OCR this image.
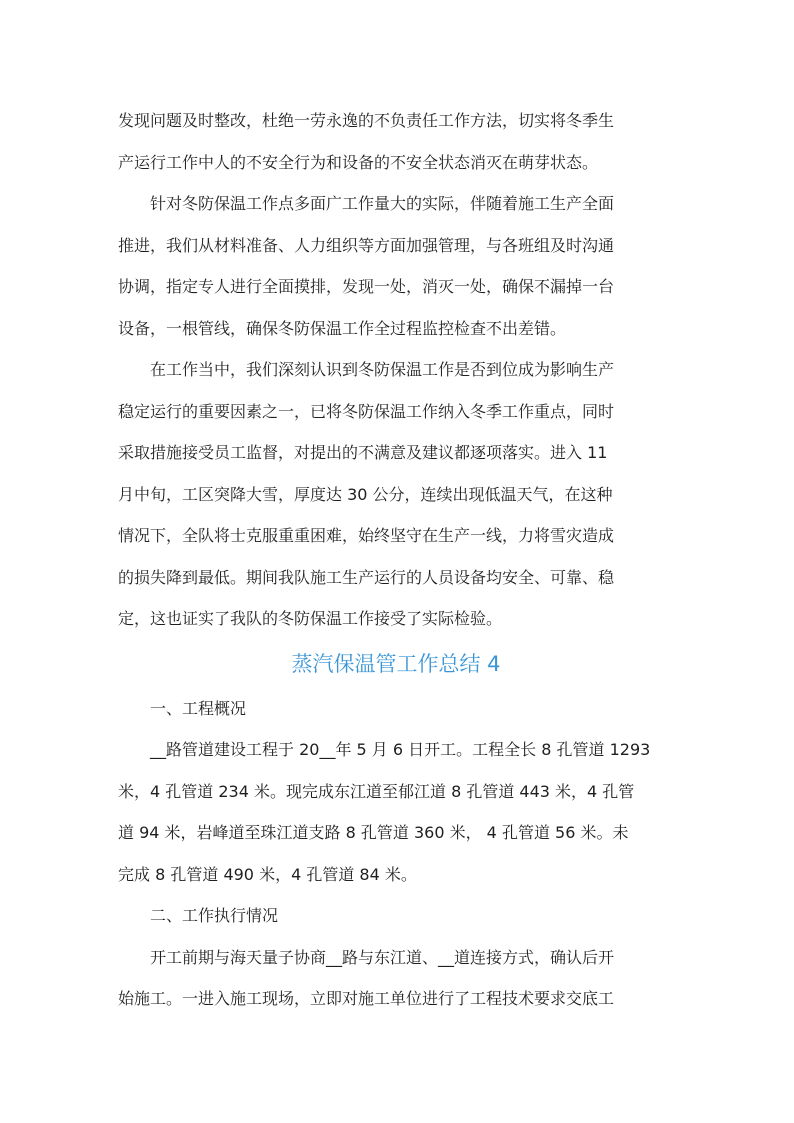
发现问题及时整改，杜绝一劳永逸的不负责任工作方法，切实将冬季生
产运行工作中人的不安全行为和设备的不安全状态消灭在萌芽状态。
针对冬防保温工作点多面广工作量大的实际，伴随着施工生产全面
推进，我们从材料准备、人力组织等方面加强管理，与各班组及时沟通
协调，指定专人进行全面摸排，发现一处，消灭一处，确保不漏掉一台
设备，一根管线，确保冬防保温工作全过程监控检查不出差错。
在工作当中，我们深刻认识到冬防保温工作是否到位成为影响生产
稳定运行的重要因素之一，已将冬防保温工作纳入冬季工作重点，同时
采取措施接受员工监督，对提出的不满意及建议都逐项落实。进入 11
月中旬，工区突降大雪，厚度达 30 公分，连续出现低温天气，在这种
情况下，全队将士克服重重困难，始终坚守在生产一线，力将雪灾造成
的损失降到最低。期间我队施工生产运行的人员设备均安全、可靠、稳
定，这也证实了我队的冬防保温工作接受了实际检验。
蒸汽保温管工作总结 4
一、工程概况
__路管道建设工程于 20__年 5 月 6 日开工。工程全长 8 孔管道 1293
米，4 孔管道 234 米。现完成东江道至郁江道 8 孔管道 443 米，4 孔管
道 94 米，岩峰道至珠江道支路 8 孔管道 360 米， 4 孔管道 56 米。未
完成 8 孔管道 490 米，4 孔管道 84 米。
二、工作执行情况
开工前期与海天量子协商__路与东江道、__道连接方式，确认后开
始施工。一进入施工现场，立即对施工单位进行了工程技术要求交底工
